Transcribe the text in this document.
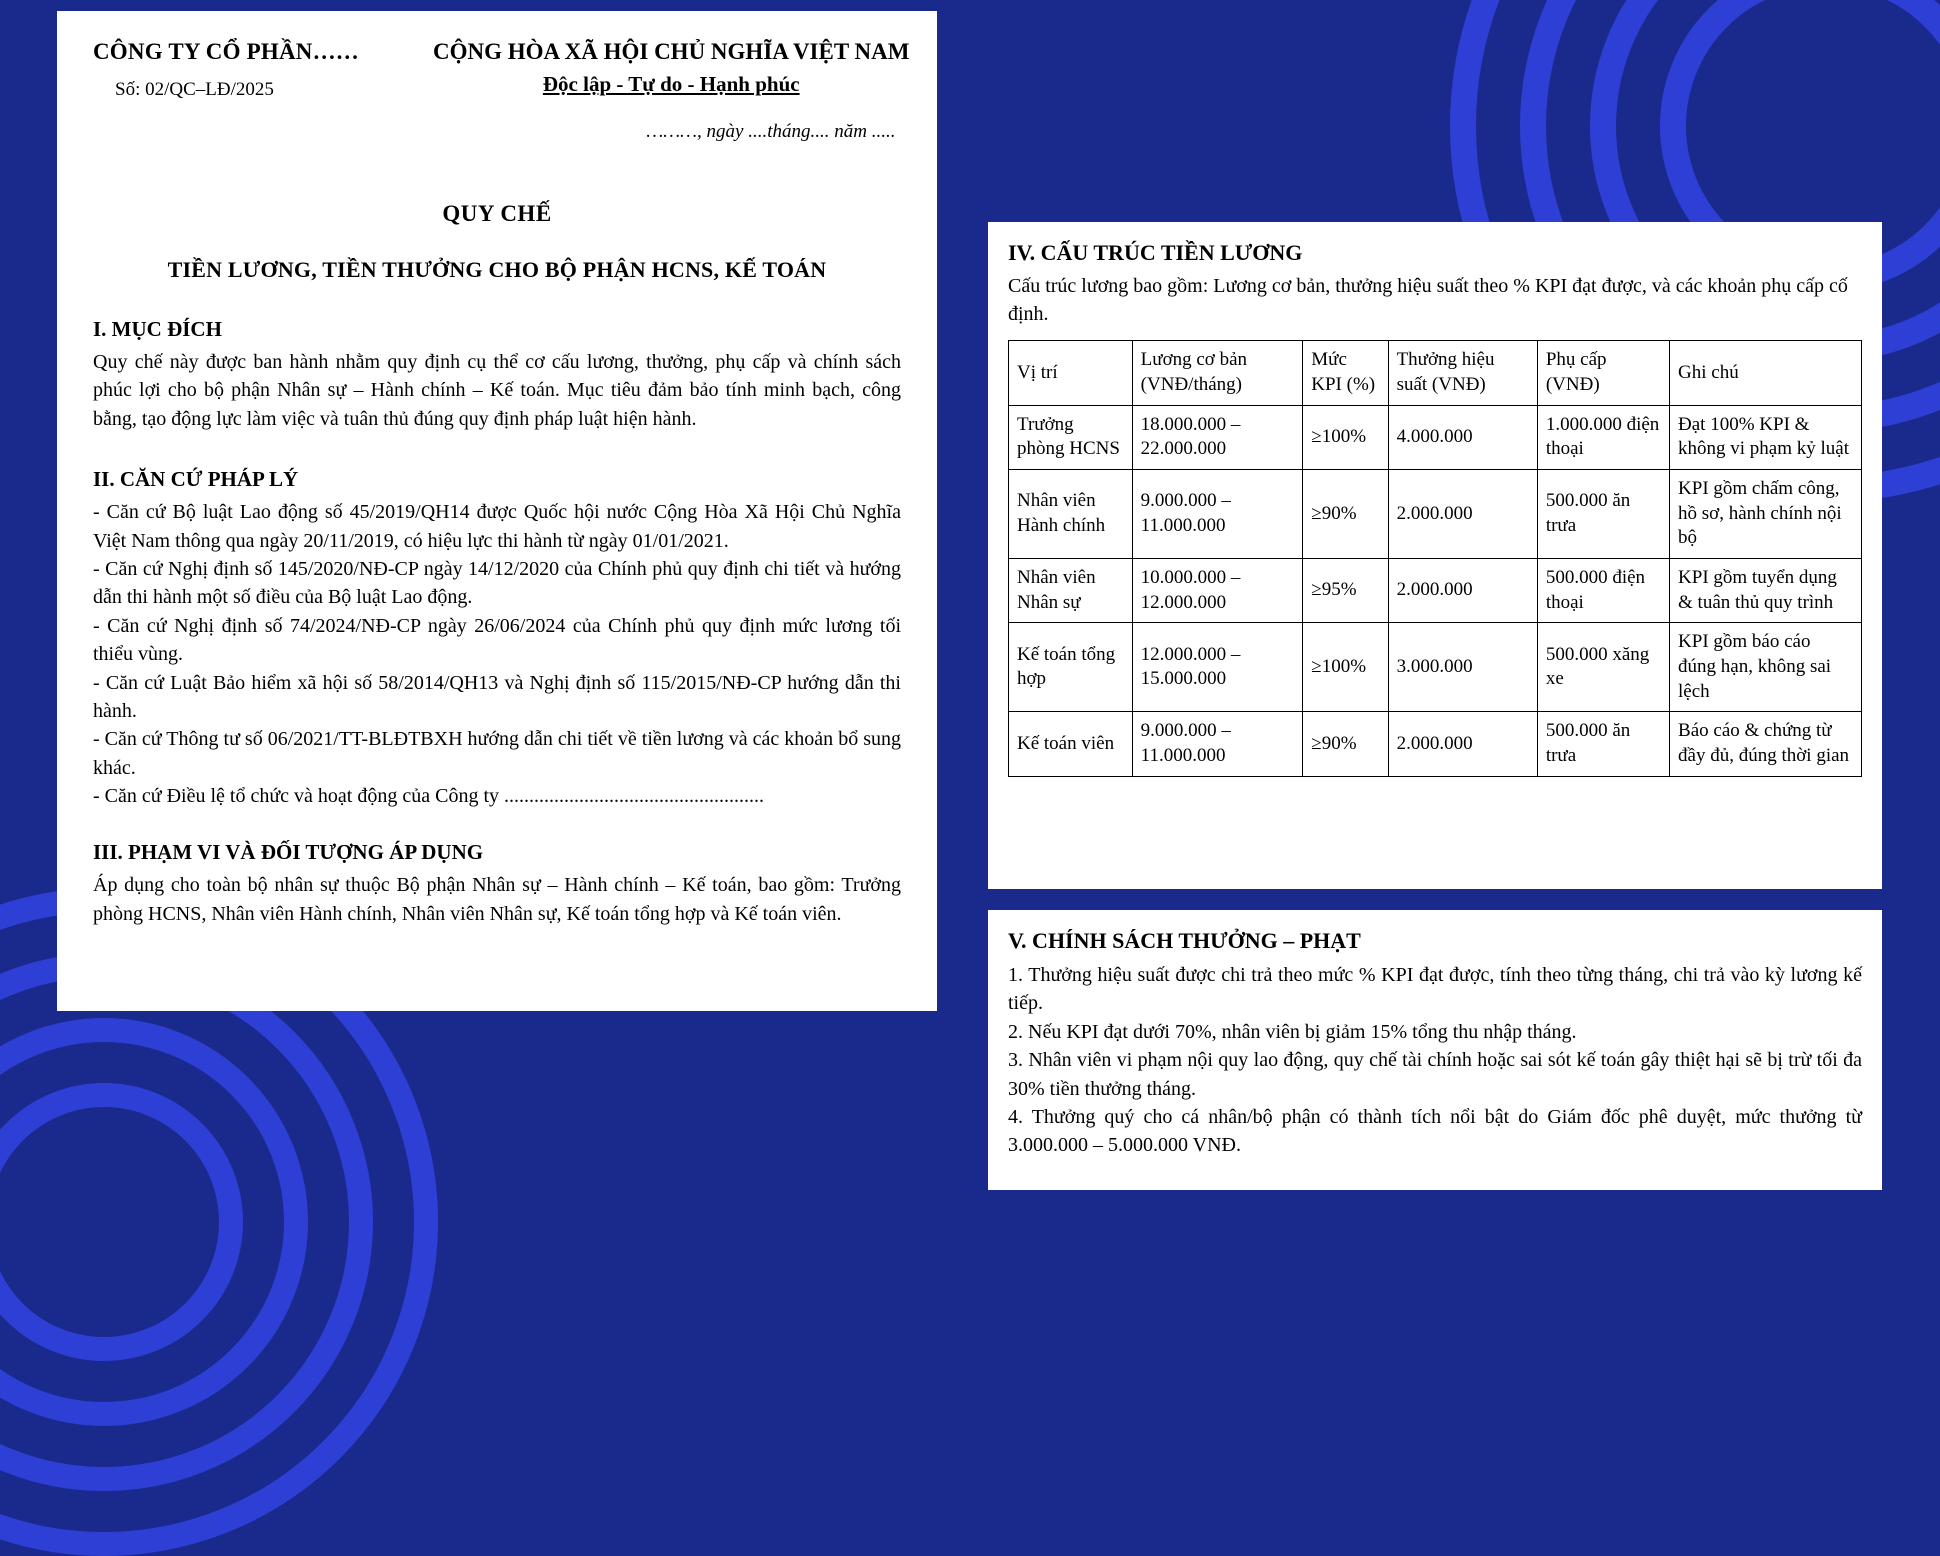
CÔNG TY CỔ PHẦN……
Số: 02/QC–LĐ/2025
CỘNG HÒA XÃ HỘI CHỦ NGHĨA VIỆT NAM
Độc lập - Tự do - Hạnh phúc
………, ngày ....tháng.... năm .....
QUY CHẾ
TIỀN LƯƠNG, TIỀN THƯỞNG CHO BỘ PHẬN HCNS, KẾ TOÁN
I. MỤC ĐÍCH

Quy chế này được ban hành nhằm quy định cụ thể cơ cấu lương, thưởng, phụ cấp và chính sách phúc lợi cho bộ phận Nhân sự – Hành chính – Kế toán. Mục tiêu đảm bảo tính minh bạch, công bằng, tạo động lực làm việc và tuân thủ đúng quy định pháp luật hiện hành.

II. CĂN CỨ PHÁP LÝ

- Căn cứ Bộ luật Lao động số 45/2019/QH14 được Quốc hội nước Cộng Hòa Xã Hội Chủ Nghĩa Việt Nam thông qua ngày 20/11/2019, có hiệu lực thi hành từ ngày 01/01/2021.

- Căn cứ Nghị định số 145/2020/NĐ-CP ngày 14/12/2020 của Chính phủ quy định chi tiết và hướng dẫn thi hành một số điều của Bộ luật Lao động.

- Căn cứ Nghị định số 74/2024/NĐ-CP ngày 26/06/2024 của Chính phủ quy định mức lương tối thiểu vùng.

- Căn cứ Luật Bảo hiểm xã hội số 58/2014/QH13 và Nghị định số 115/2015/NĐ-CP hướng dẫn thi hành.

- Căn cứ Thông tư số 06/2021/TT-BLĐTBXH hướng dẫn chi tiết về tiền lương và các khoản bổ sung khác.

- Căn cứ Điều lệ tổ chức và hoạt động của Công ty ....................................................

III. PHẠM VI VÀ ĐỐI TƯỢNG ÁP DỤNG

Áp dụng cho toàn bộ nhân sự thuộc Bộ phận Nhân sự – Hành chính – Kế toán, bao gồm: Trưởng phòng HCNS, Nhân viên Hành chính, Nhân viên Nhân sự, Kế toán tổng hợp và Kế toán viên.

IV. CẤU TRÚC TIỀN LƯƠNG

Cấu trúc lương bao gồm: Lương cơ bản, thưởng hiệu suất theo % KPI đạt được, và các khoản phụ cấp cố định.

Vị trí	Lương cơ bản (VNĐ/tháng)	Mức KPI (%)	Thưởng hiệu suất (VNĐ)	Phụ cấp (VNĐ)	Ghi chú
Trưởng phòng HCNS	18.000.000 – 22.000.000	≥100%	4.000.000	1.000.000 điện thoại	Đạt 100% KPI & không vi phạm kỷ luật
Nhân viên Hành chính	9.000.000 – 11.000.000	≥90%	2.000.000	500.000 ăn trưa	KPI gồm chấm công, hồ sơ, hành chính nội bộ
Nhân viên Nhân sự	10.000.000 – 12.000.000	≥95%	2.000.000	500.000 điện thoại	KPI gồm tuyển dụng & tuân thủ quy trình
Kế toán tổng hợp	12.000.000 – 15.000.000	≥100%	3.000.000	500.000 xăng xe	KPI gồm báo cáo đúng hạn, không sai lệch
Kế toán viên	9.000.000 – 11.000.000	≥90%	2.000.000	500.000 ăn trưa	Báo cáo & chứng từ đầy đủ, đúng thời gian
V. CHÍNH SÁCH THƯỞNG – PHẠT

1. Thưởng hiệu suất được chi trả theo mức % KPI đạt được, tính theo từng tháng, chi trả vào kỳ lương kế tiếp.

2. Nếu KPI đạt dưới 70%, nhân viên bị giảm 15% tổng thu nhập tháng.

3. Nhân viên vi phạm nội quy lao động, quy chế tài chính hoặc sai sót kế toán gây thiệt hại sẽ bị trừ tối đa 30% tiền thưởng tháng.

4. Thưởng quý cho cá nhân/bộ phận có thành tích nổi bật do Giám đốc phê duyệt, mức thưởng từ 3.000.000 – 5.000.000 VNĐ.
